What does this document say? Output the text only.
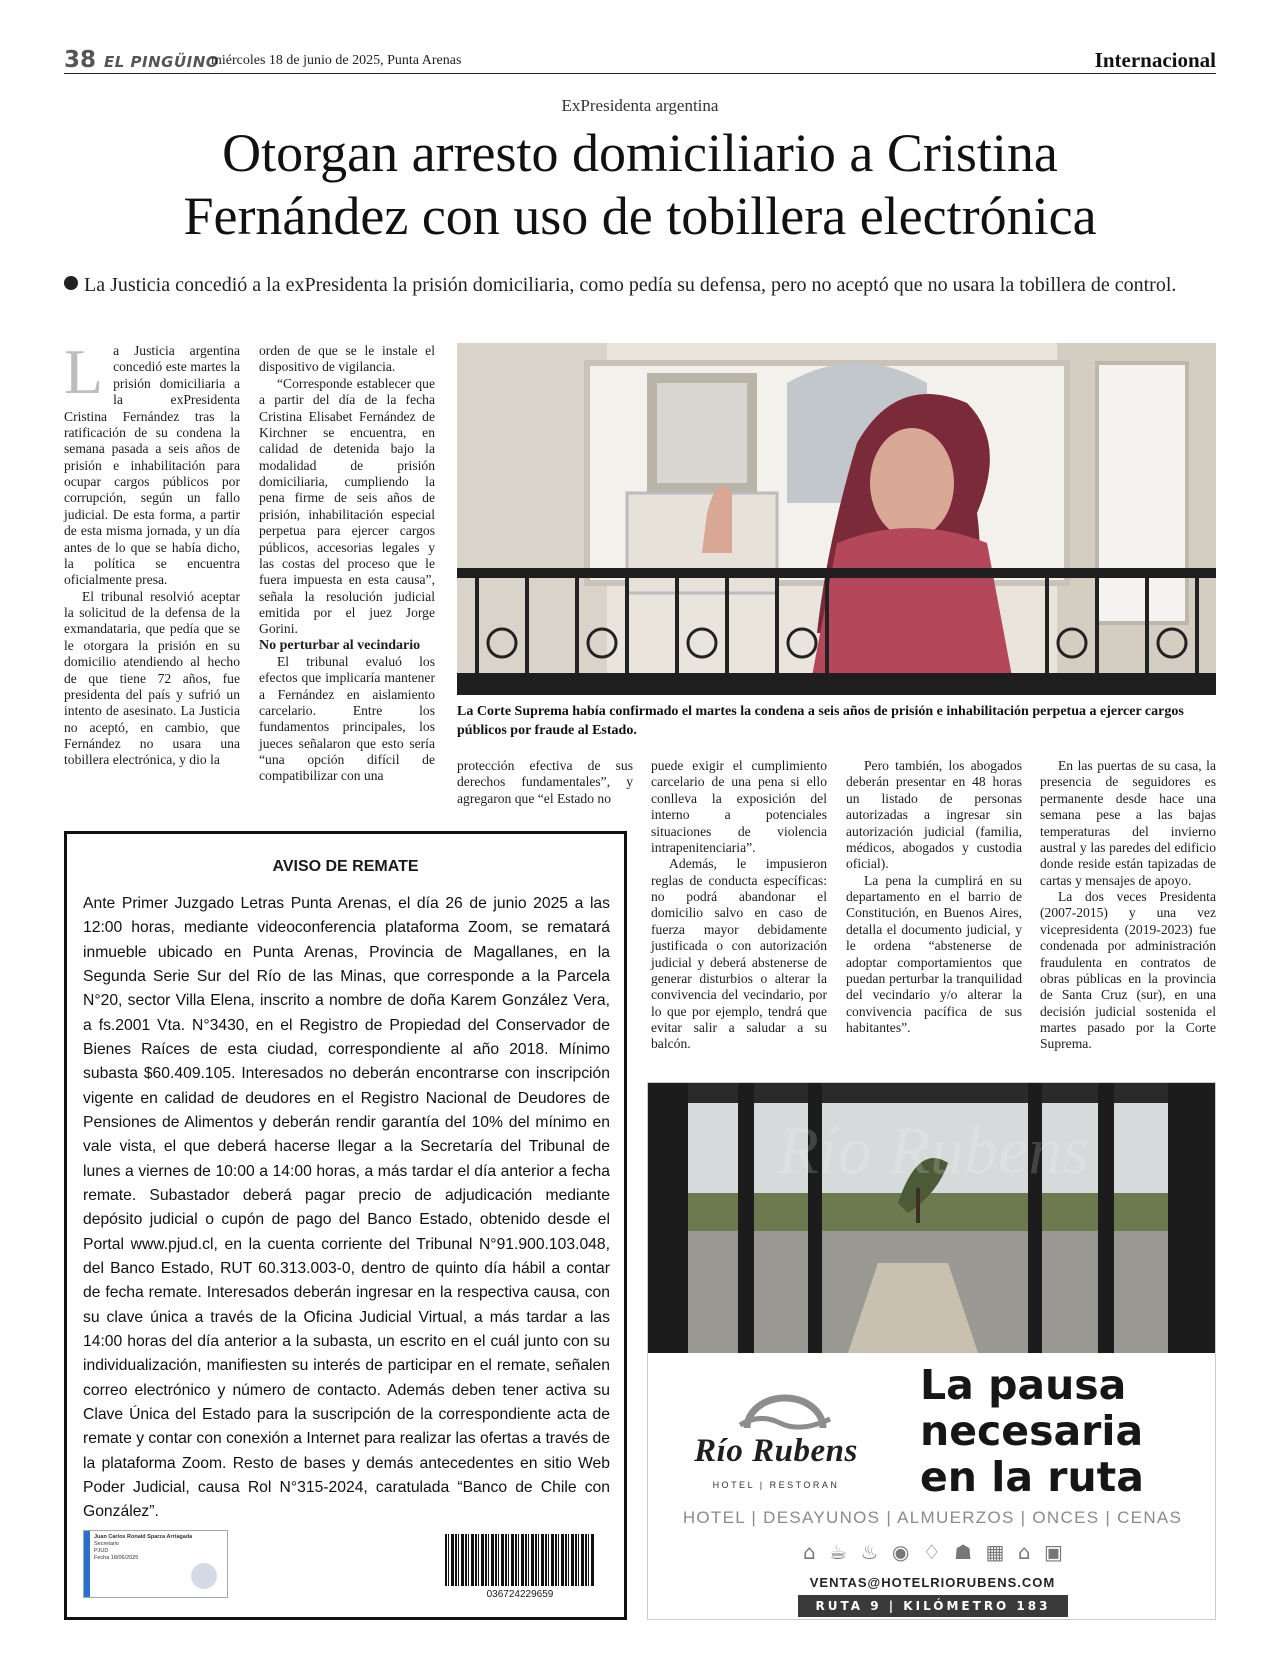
38 EL PINGÜINO
miércoles 18 de junio de 2025, Punta Arenas	Internacional
ExPresidenta argentina
Otorgan arresto domiciliario a Cristina
Fernández con uso de tobillera electrónica
La Justicia concedió a la exPresidenta la prisión domiciliaria, como pedía su defensa, pero no aceptó que no usara la tobillera de control.

La Justicia argentina concedió este martes la prisión domiciliaria a la exPresidenta Cristina Fernández tras la ratificación de su condena la semana pasada a seis años de prisión e inhabilitación para ocupar cargos públicos por corrupción, según un fallo judicial. De esta forma, a partir de esta misma jornada, y un día antes de lo que se había dicho, la política se encuentra oficialmente presa.

El tribunal resolvió aceptar la solicitud de la defensa de la exmandataria, que pedía que se le otorgara la prisión en su domicilio atendiendo al hecho de que tiene 72 años, fue presidenta del país y sufrió un intento de asesinato. La Justicia no aceptó, en cambio, que Fernández no usara una tobillera electrónica, y dio la

orden de que se le instale el dispositivo de vigilancia.

“Corresponde establecer que a partir del día de la fecha Cristina Elisabet Fernández de Kirchner se encuentra, en calidad de detenida bajo la modalidad de prisión domiciliaria, cumpliendo la pena firme de seis años de prisión, inhabilitación especial perpetua para ejercer cargos públicos, accesorias legales y las costas del proceso que le fuera impuesta en esta causa”, señala la resolución judicial emitida por el juez Jorge Gorini.

No perturbar al vecindario

El tribunal evaluó los efectos que implicaría mantener a Fernández en aislamiento carcelario. Entre los fundamentos principales, los jueces señalaron que esto sería “una opción difícil de compatibilizar con una

La Corte Suprema había confirmado el martes la condena a seis años de prisión e inhabilitación perpetua a ejercer cargos públicos por fraude al Estado.

protección efectiva de sus derechos fundamentales”, y agregaron que “el Estado no

puede exigir el cumplimiento carcelario de una pena si ello conlleva la exposición del interno a potenciales situaciones de violencia intrapenitenciaria”.

Además, le impusieron reglas de conducta específicas: no podrá abandonar el domicilio salvo en caso de fuerza mayor debidamente justificada o con autorización judicial y deberá abstenerse de generar disturbios o alterar la convivencia del vecindario, por lo que por ejemplo, tendrá que evitar salir a saludar a su balcón.

Pero también, los abogados deberán presentar en 48 horas un listado de personas autorizadas a ingresar sin autorización judicial (familia, médicos, abogados y custodia oficial).

La pena la cumplirá en su departamento en el barrio de Constitución, en Buenos Aires, detalla el documento judicial, y le ordena “abstenerse de adoptar comportamientos que puedan perturbar la tranquilidad del vecindario y/o alterar la convivencia pacífica de sus habitantes”.

En las puertas de su casa, la presencia de seguidores es permanente desde hace una semana pese a las bajas temperaturas del invierno austral y las paredes del edificio donde reside están tapizadas de cartas y mensajes de apoyo.

La dos veces Presidenta (2007-2015) y una vez vicepresidenta (2019-2023) fue condenada por administración fraudulenta en contratos de obras públicas en la provincia de Santa Cruz (sur), en una decisión judicial sostenida el martes pasado por la Corte Suprema.

AVISO DE REMATE
Ante Primer Juzgado Letras Punta Arenas, el día 26 de junio 2025 a las 12:00 horas, mediante videoconferencia plataforma Zoom, se rematará inmueble ubicado en Punta Arenas, Provincia de Magallanes, en la Segunda Serie Sur del Río de las Minas, que corresponde a la Parcela N°20, sector Villa Elena, inscrito a nombre de doña Karem González Vera, a fs.2001 Vta. N°3430, en el Registro de Propiedad del Conservador de Bienes Raíces de esta ciudad, correspondiente al año 2018. Mínimo subasta $60.409.105. Interesados no deberán encontrarse con inscripción vigente en calidad de deudores en el Registro Nacional de Deudores de Pensiones de Alimentos y deberán rendir garantía del 10% del mínimo en vale vista, el que deberá hacerse llegar a la Secretaría del Tribunal de lunes a viernes de 10:00 a 14:00 horas, a más tardar el día anterior a fecha remate. Subastador deberá pagar precio de adjudicación mediante depósito judicial o cupón de pago del Banco Estado, obtenido desde el Portal www.pjud.cl, en la cuenta corriente del Tribunal N°91.900.103.048, del Banco Estado, RUT 60.313.003-0, dentro de quinto día hábil a contar de fecha remate. Interesados deberán ingresar en la respectiva causa, con su clave única a través de la Oficina Judicial Virtual, a más tardar a las 14:00 horas del día anterior a la subasta, un escrito en el cuál junto con su individualización, manifiesten su interés de participar en el remate, señalen correo electrónico y número de contacto. Además deben tener activa su Clave Única del Estado para la suscripción de la correspondiente acta de remate y contar con conexión a Internet para realizar las ofertas a través de la plataforma Zoom. Resto de bases y demás antecedentes en sitio Web Poder Judicial, causa Rol N°315-2024, caratulada “Banco de Chile con González”.
Juan Carlos Ronald Sparza Arriagada
Secretario
PJUD
Fecha 18/06/2025
036724229659
Río Rubens
Río Rubens
HOTEL | RESTORAN
La pausa
necesaria
en la ruta
HOTEL | DESAYUNOS | ALMUERZOS | ONCES | CENAS
⌂ ☕ ♨ ◉ ♢ ☗ ▦ ⌂ ▣
VENTAS@HOTELRIORUBENS.COM
RUTA 9 | KILÓMETRO 183
